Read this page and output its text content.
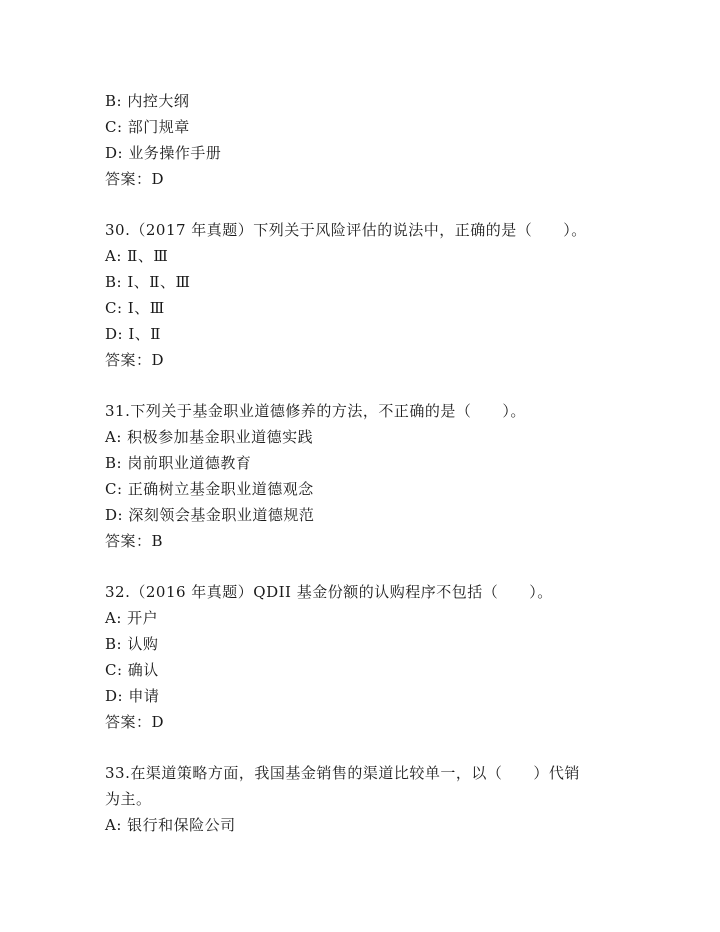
B: 内控大纲
C: 部门规章
D: 业务操作手册
答案：D
30.（2017 年真题）下列关于风险评估的说法中，正确的是（　　）。
A: Ⅱ、Ⅲ
B: Ⅰ、Ⅱ、Ⅲ
C: Ⅰ、Ⅲ
D: Ⅰ、Ⅱ
答案：D
31.下列关于基金职业道德修养的方法，不正确的是（　　）。
A: 积极参加基金职业道德实践
B: 岗前职业道德教育
C: 正确树立基金职业道德观念
D: 深刻领会基金职业道德规范
答案：B
32.（2016 年真题）QDII 基金份额的认购程序不包括（　　）。
A: 开户
B: 认购
C: 确认
D: 申请
答案：D
33.在渠道策略方面，我国基金销售的渠道比较单一，以（　　）代销
为主。
A: 银行和保险公司
